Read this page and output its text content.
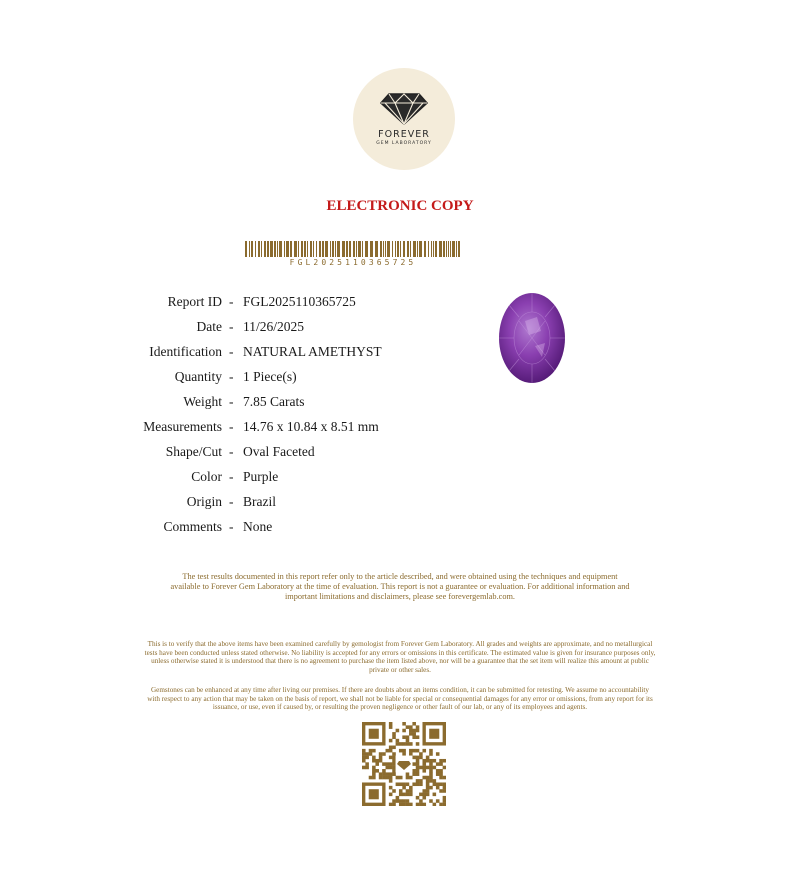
FOREVER
GEM LABORATORY
ELECTRONIC COPY
FGL2025110365725
Report ID - FGL2025110365725
Date - 11/26/2025
Identification - NATURAL AMETHYST
Quantity - 1 Piece(s)
Weight - 7.85 Carats
Measurements - 14.76 x 10.84 x 8.51 mm
Shape/Cut - Oval Faceted
Color - Purple
Origin - Brazil
Comments - None

The test results documented in this report refer only to the article described, and were obtained using the techniques and equipment

available to Forever Gem Laboratory at the time of evaluation. This report is not a guarantee or evaluation. For additional information and

important limitations and disclaimers, please see forevergemlab.com.

This is to verify that the above items have been examined carefully by gemologist from Forever Gem Laboratory. All grades and weights are approximate, and no metallurgical

tests have been conducted unless stated otherwise. No liability is accepted for any errors or omissions in this certificate. The estimated value is given for insurance purposes only,

unless otherwise stated it is understood that there is no agreement to purchase the item listed above, nor will be a guarantee that the set item will realize this amount at public

private or other sales.

Gemstones can be enhanced at any time after living our premises. If there are doubts about an items condition, it can be submitted for retesting. We assume no accountability

with respect to any action that may be taken on the basis of report, we shall not be liable for special or consequential damages for any error or omissions, from any report for its

issuance, or use, even if caused by, or resulting the proven negligence or other fault of our lab, or any of its employees and agents.
